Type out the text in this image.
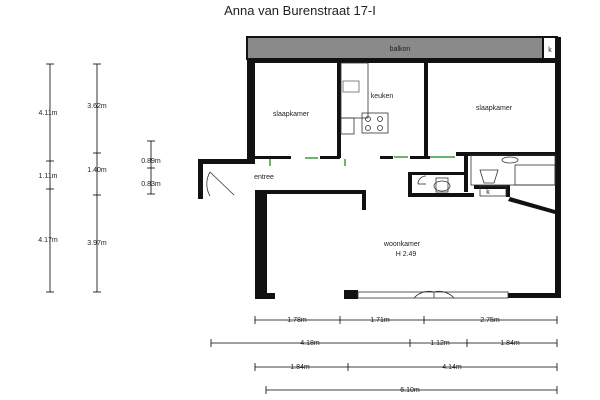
Anna van Burenstraat 17-I
balkon
keuken
slaapkamer
slaapkamer
entree
woonkamer
H 2.49
k
k
4.11m
1.11m
4.17m
3.62m
1.40m
3.97m
0.89m
0.83m
1.78m	1.71m	2.75m
4.18m	1.12m	1.84m
1.84m	4.14m
6.10m
